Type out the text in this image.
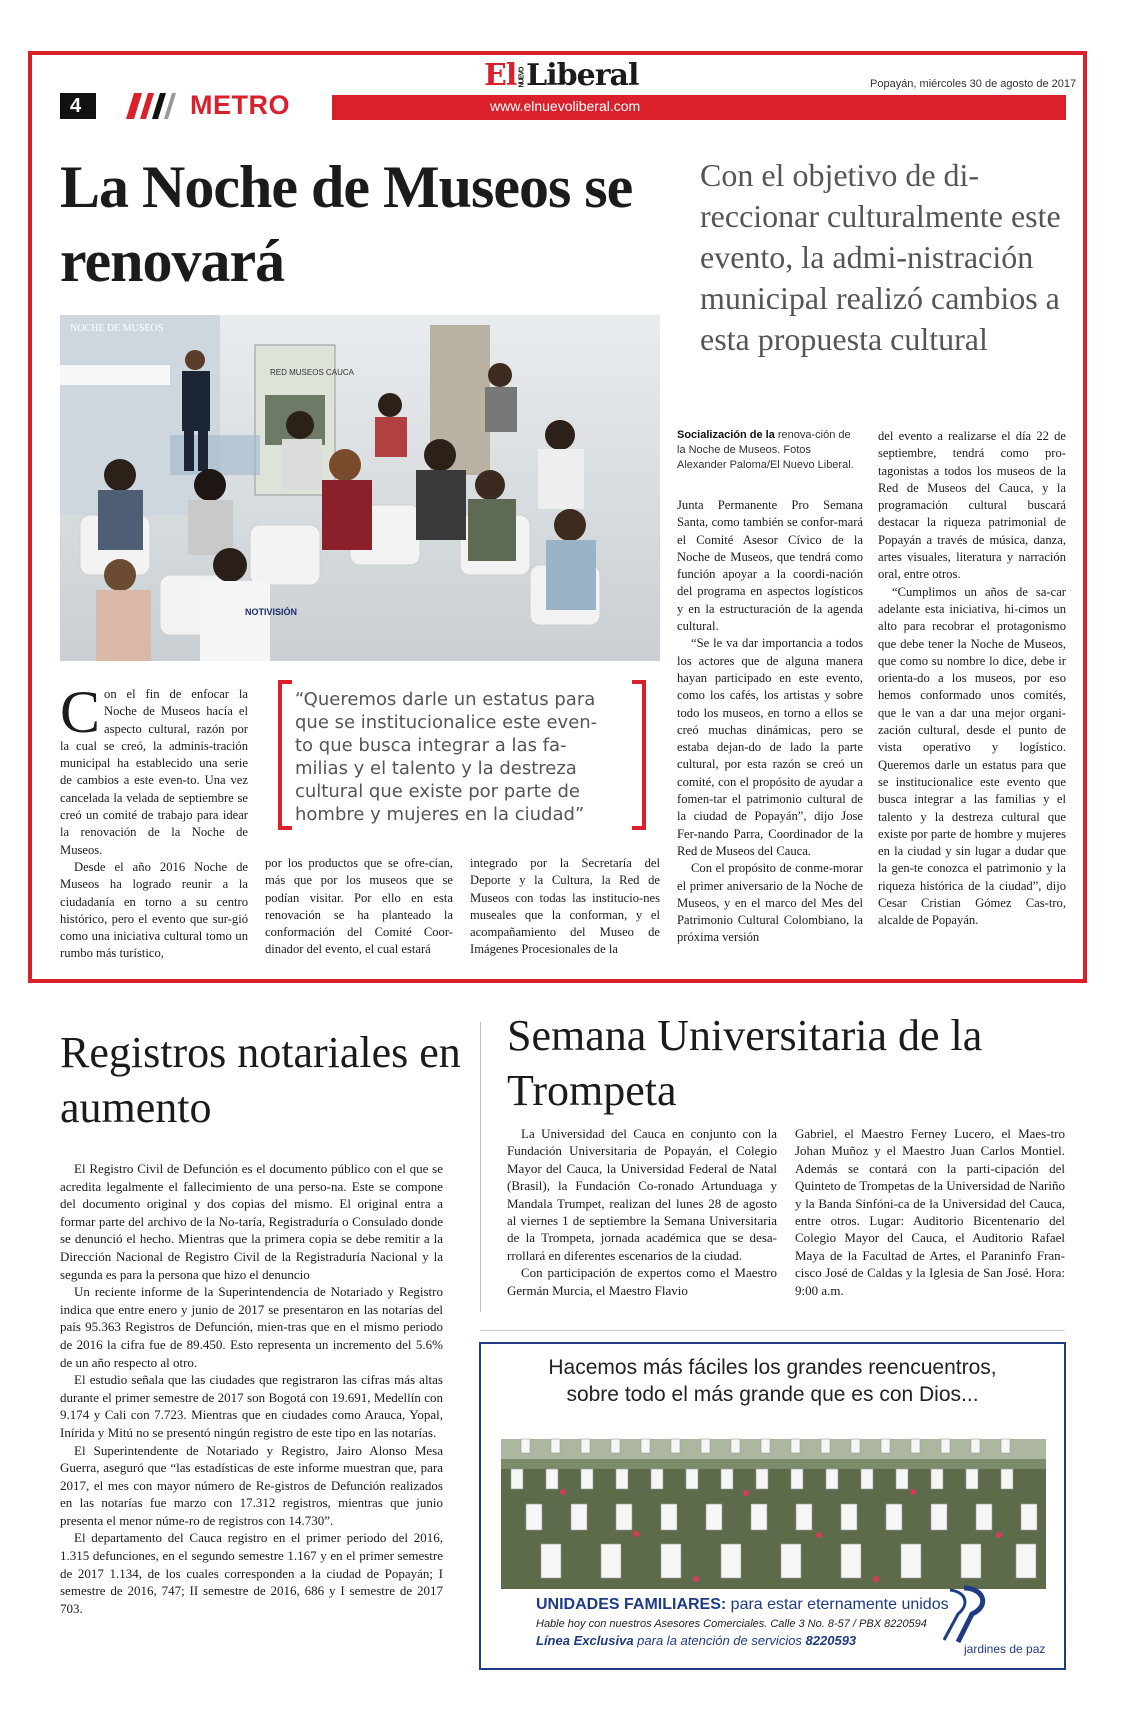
4	METRO	www.elnuevoliberal.com
El NUEVOLiberal	Popayán, miércoles 30 de agosto de 2017
La Noche de Museos se renovará
Con el objetivo de di-reccionar culturalmente este evento, la admi-nistración municipal realizó cambios a esta propuesta cultural
NOCHE DE MUSEOS
RED MUSEOS CAUCA
NOTIVISIÓN
Socialización de la renova-ción de la Noche de Museos. Fotos Alexander Paloma/El Nuevo Liberal.
“Queremos darle un estatus para que se institucionalice este even-to que busca integrar a las fa-milias y el talento y la destreza cultural que existe por parte de hombre y mujeres en la ciudad”

Con el fin de enfocar la Noche de Museos hacía el aspecto cultural, razón por la cual se creó, la adminis-tración municipal ha establecido una serie de cambios a este even-to. Una vez cancelada la velada de septiembre se creó un comité de trabajo para idear la renovación de la Noche de Museos.

Desde el año 2016 Noche de Museos ha logrado reunir a la ciudadanía en torno a su centro histórico, pero el evento que sur-gió como una iniciativa cultural tomo un rumbo más turístico,

por los productos que se ofre-cían, más que por los museos que se podían visitar. Por ello en esta renovación se ha planteado la conformación del Comité Coor-dinador del evento, el cual estará

integrado por la Secretaría del Deporte y la Cultura, la Red de Museos con todas las institucio-nes museales que la conforman, y el acompañamiento del Museo de Imágenes Procesionales de la

Junta Permanente Pro Semana Santa, como también se confor-mará el Comité Asesor Cívico de la Noche de Museos, que tendrá como función apoyar a la coordi-nación del programa en aspectos logísticos y en la estructuración de la agenda cultural.

“Se le va dar importancia a todos los actores que de alguna manera hayan participado en este evento, como los cafés, los artistas y sobre todo los museos, en torno a ellos se creó muchas dinámicas, pero se estaba dejan-do de lado la parte cultural, por esta razón se creó un comité, con el propósito de ayudar a fomen-tar el patrimonio cultural de la ciudad de Popayán”, dijo Jose Fer-nando Parra, Coordinador de la Red de Museos del Cauca.

Con el propósito de conme-morar el primer aniversario de la Noche de Museos, y en el marco del Mes del Patrimonio Cultural Colombiano, la próxima versión

del evento a realizarse el día 22 de septiembre, tendrá como pro-tagonistas a todos los museos de la Red de Museos del Cauca, y la programación cultural buscará destacar la riqueza patrimonial de Popayán a través de música, danza, artes visuales, literatura y narración oral, entre otros.

“Cumplimos un años de sa-car adelante esta iniciativa, hi-cimos un alto para recobrar el protagonismo que debe tener la Noche de Museos, que como su nombre lo dice, debe ir orienta-do a los museos, por eso hemos conformado unos comités, que le van a dar una mejor organi-zación cultural, desde el punto de vista operativo y logístico. Queremos darle un estatus para que se institucionalice este evento que busca integrar a las familias y el talento y la destreza cultural que existe por parte de hombre y mujeres en la ciudad y sin lugar a dudar que la gen-te conozca el patrimonio y la riqueza histórica de la ciudad”, dijo Cesar Cristian Gómez Cas-tro, alcalde de Popayán.

Registros notariales en aumento

El Registro Civil de Defunción es el documento público con el que se acredita legalmente el fallecimiento de una perso-na. Este se compone del documento original y dos copias del mismo. El original entra a formar parte del archivo de la No-taría, Registraduría o Consulado donde se denunció el hecho. Mientras que la primera copia se debe remitir a la Dirección Nacional de Registro Civil de la Registraduría Nacional y la segunda es para la persona que hizo el denuncio

Un reciente informe de la Superintendencia de Notariado y Registro indica que entre enero y junio de 2017 se presentaron en las notarías del país 95.363 Registros de Defunción, mien-tras que en el mismo periodo de 2016 la cifra fue de 89.450. Esto representa un incremento del 5.6% de un año respecto al otro.

El estudio señala que las ciudades que registraron las cifras más altas durante el primer semestre de 2017 son Bogotá con 19.691, Medellín con 9.174 y Cali con 7.723. Mientras que en ciudades como Arauca, Yopal, Inírida y Mitú no se presentó ningún registro de este tipo en las notarías.

El Superintendente de Notariado y Registro, Jairo Alonso Mesa Guerra, aseguró que “las estadísticas de este informe muestran que, para 2017, el mes con mayor número de Re-gistros de Defunción realizados en las notarías fue marzo con 17.312 registros, mientras que junio presenta el menor núme-ro de registros con 14.730”.

El departamento del Cauca registro en el primer periodo del 2016, 1.315 defunciones, en el segundo semestre 1.167 y en el primer semestre de 2017 1.134, de los cuales corresponden a la ciudad de Popayán; I semestre de 2016, 747; II semestre de 2016, 686 y I semestre de 2017 703.

Semana Universitaria de la Trompeta

La Universidad del Cauca en conjunto con la Fundación Universitaria de Popayán, el Colegio Mayor del Cauca, la Universidad Federal de Natal (Brasil), la Fundación Co-ronado Artunduaga y Mandala Trumpet, realizan del lunes 28 de agosto al viernes 1 de septiembre la Semana Universitaria de la Trompeta, jornada académica que se desa-rrollará en diferentes escenarios de la ciudad.

Con participación de expertos como el Maestro Germán Murcia, el Maestro Flavio

Gabriel, el Maestro Ferney Lucero, el Maes-tro Johan Muñoz y el Maestro Juan Carlos Montiel. Además se contará con la parti-cipación del Quinteto de Trompetas de la Universidad de Nariño y la Banda Sinfóni-ca de la Universidad del Cauca, entre otros. Lugar: Auditorio Bicentenario del Colegio Mayor del Cauca, el Auditorio Rafael Maya de la Facultad de Artes, el Paraninfo Fran-cisco José de Caldas y la Iglesia de San José. Hora: 9:00 a.m.

Hacemos más fáciles los grandes reencuentros,
sobre todo el más grande que es con Dios...
UNIDADES FAMILIARES: para estar eternamente unidos
Hable hoy con nuestros Asesores Comerciales. Calle 3 No. 8-57 / PBX 8220594
Línea Exclusiva para la atención de servicios 8220593
jardines de paz
